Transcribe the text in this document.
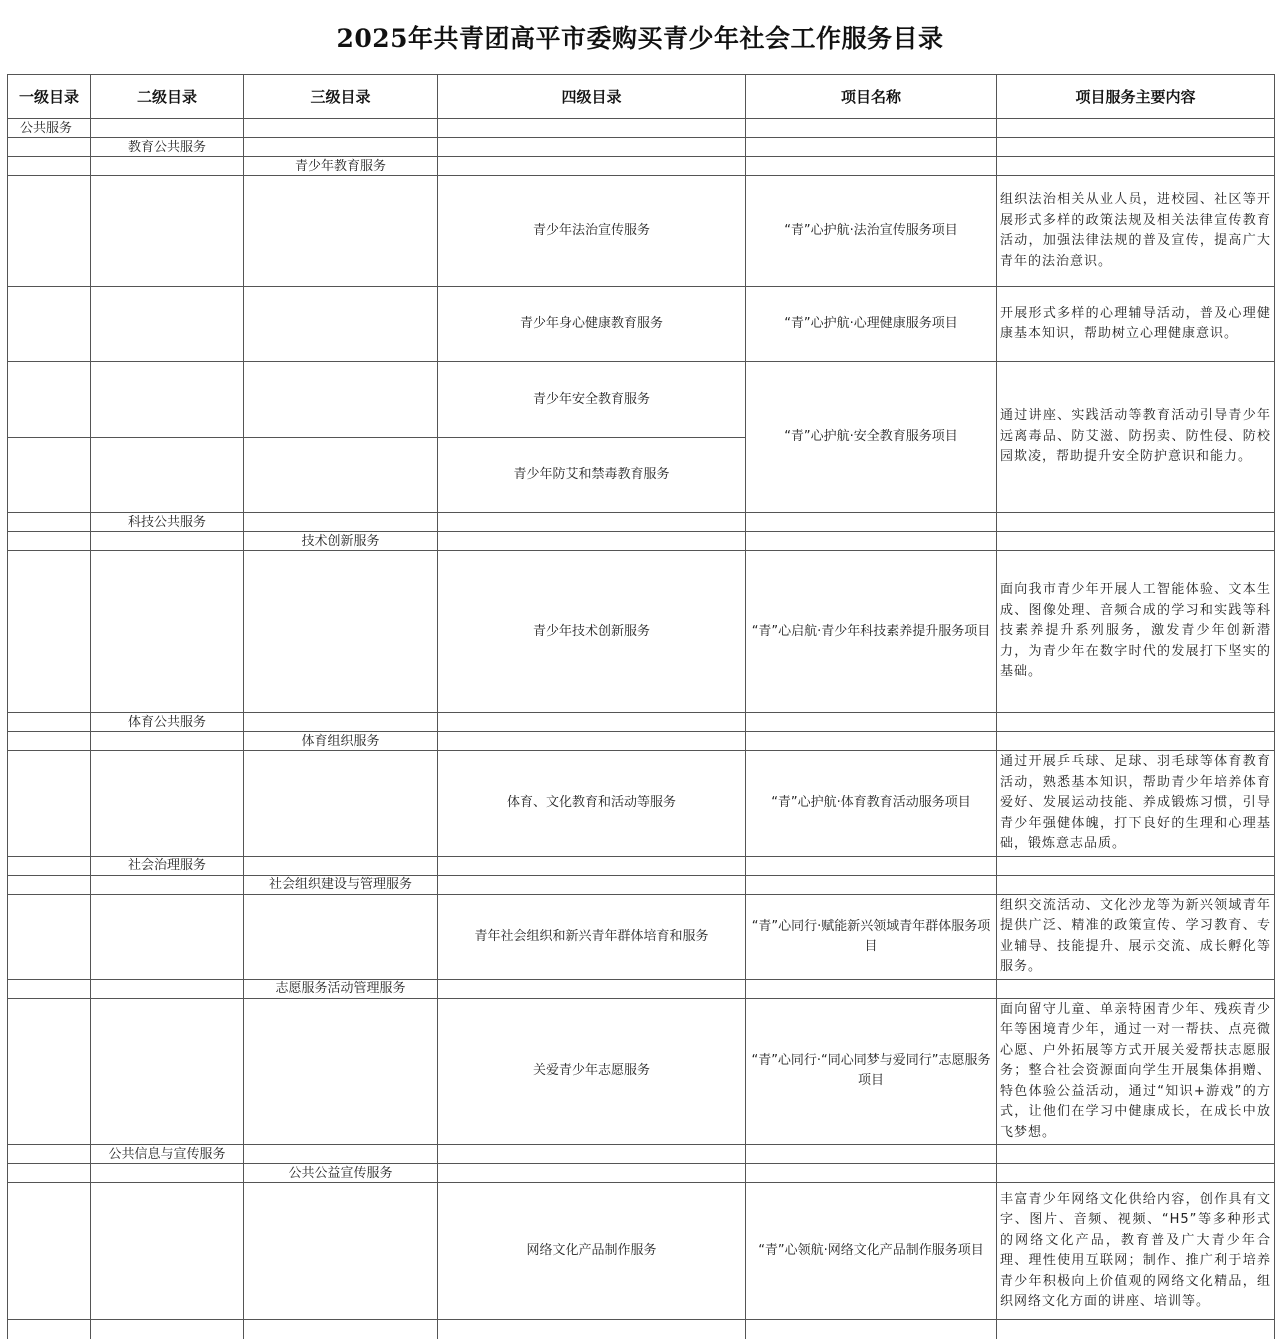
2025年共青团高平市委购买青少年社会工作服务目录
一级目录	二级目录	三级目录	四级目录	项目名称	项目服务主要内容
公共服务					
	教育公共服务				
		青少年教育服务			
			青少年法治宣传服务	“青”心护航·法治宣传服务项目	组织法治相关从业人员，进校园、社区等开展形式多样的政策法规及相关法律宣传教育活动，加强法律法规的普及宣传，提高广大青年的法治意识。
			青少年身心健康教育服务	“青”心护航·心理健康服务项目	开展形式多样的心理辅导活动，普及心理健康基本知识，帮助树立心理健康意识。
			青少年安全教育服务	“青”心护航·安全教育服务项目	通过讲座、实践活动等教育活动引导青少年远离毒品、防艾滋、防拐卖、防性侵、防校园欺凌，帮助提升安全防护意识和能力。
			青少年防艾和禁毒教育服务		
	科技公共服务				
		技术创新服务			
			青少年技术创新服务	“青”心启航·青少年科技素养提升服务项目	面向我市青少年开展人工智能体验、文本生成、图像处理、音频合成的学习和实践等科技素养提升系列服务，激发青少年创新潜力，为青少年在数字时代的发展打下坚实的基础。
	体育公共服务				
		体育组织服务			
			体育、文化教育和活动等服务	“青”心护航·体育教育活动服务项目	通过开展乒乓球、足球、羽毛球等体育教育活动，熟悉基本知识，帮助青少年培养体育爱好、发展运动技能、养成锻炼习惯，引导青少年强健体魄，打下良好的生理和心理基础，锻炼意志品质。
	社会治理服务				
		社会组织建设与管理服务			
			青年社会组织和新兴青年群体培育和服务	“青”心同行·赋能新兴领域青年群体服务项目	组织交流活动、文化沙龙等为新兴领域青年提供广泛、精准的政策宣传、学习教育、专业辅导、技能提升、展示交流、成长孵化等服务。
		志愿服务活动管理服务			
			关爱青少年志愿服务	“青”心同行·“同心同梦与爱同行”志愿服务项目	面向留守儿童、单亲特困青少年、残疾青少年等困境青少年，通过一对一帮扶、点亮微心愿、户外拓展等方式开展关爱帮扶志愿服务；整合社会资源面向学生开展集体捐赠、特色体验公益活动，通过“知识+游戏”的方式，让他们在学习中健康成长，在成长中放飞梦想。
	公共信息与宣传服务				
		公共公益宣传服务			
			网络文化产品制作服务	“青”心领航·网络文化产品制作服务项目	丰富青少年网络文化供给内容，创作具有文字、图片、音频、视频、“H5”等多种形式的网络文化产品，教育普及广大青少年合理、理性使用互联网；制作、推广利于培养青少年积极向上价值观的网络文化精品，组织网络文化方面的讲座、培训等。
